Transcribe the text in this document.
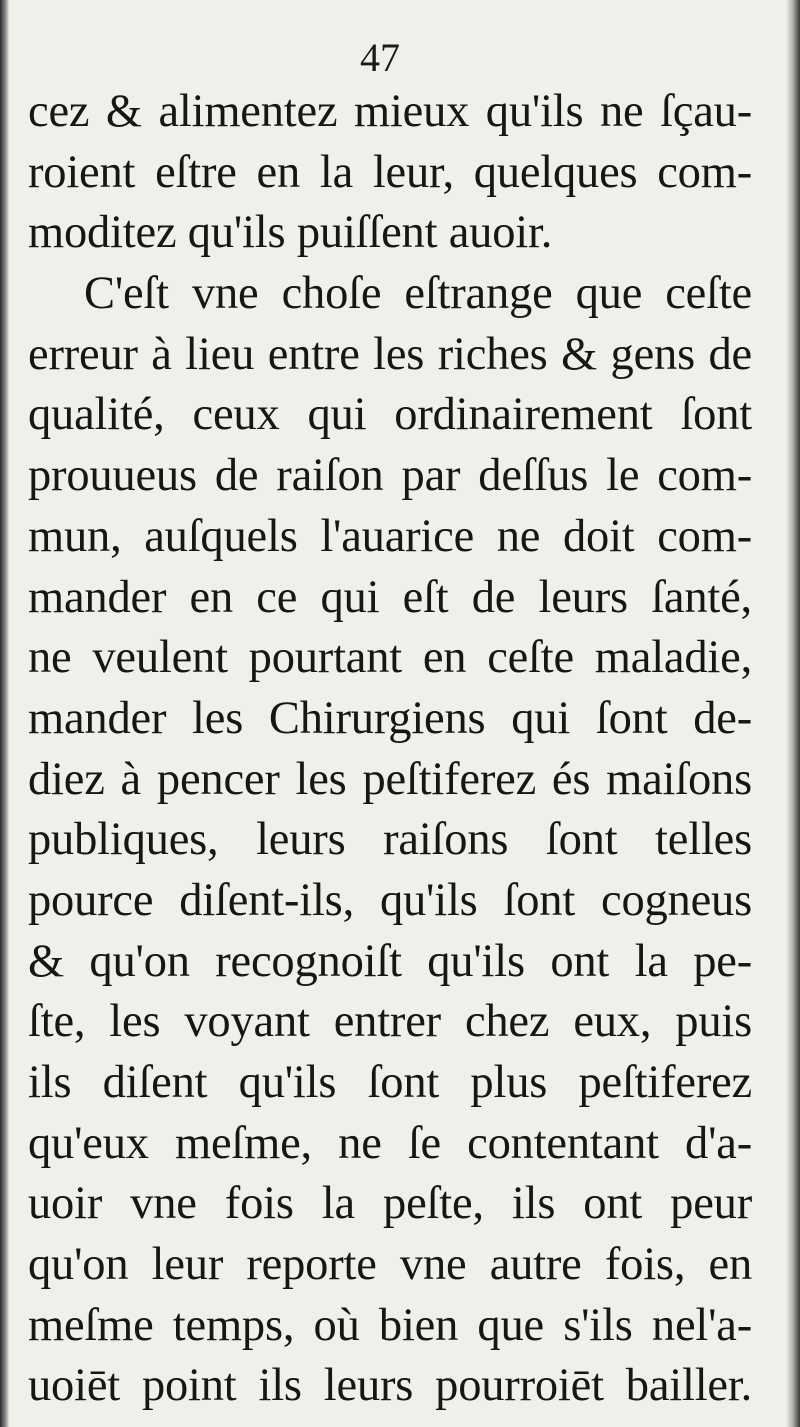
47
cez & alimentez mieux qu'ils ne ſçau-
roient eſtre en la leur, quelques com-
moditez qu'ils puiſſent auoir.
C'eſt vne choſe eſtrange que ceſte
erreur à lieu entre les riches & gens de
qualité, ceux qui ordinairement ſont
prouueus de raiſon par deſſus le com-
mun, auſquels l'auarice ne doit com-
mander en ce qui eſt de leurs ſanté,
ne veulent pourtant en ceſte maladie,
mander les Chirurgiens qui ſont de-
diez à pencer les peſtiferez és maiſons
publiques, leurs raiſons ſont telles
pource diſent-ils, qu'ils ſont cogneus
& qu'on recognoiſt qu'ils ont la pe-
ſte, les voyant entrer chez eux, puis
ils diſent qu'ils ſont plus peſtiferez
qu'eux meſme, ne ſe contentant d'a-
uoir vne fois la peſte, ils ont peur
qu'on leur reporte vne autre fois, en
meſme temps, où bien que s'ils nel'a-
uoiēt point ils leurs pourroiēt bailler.
